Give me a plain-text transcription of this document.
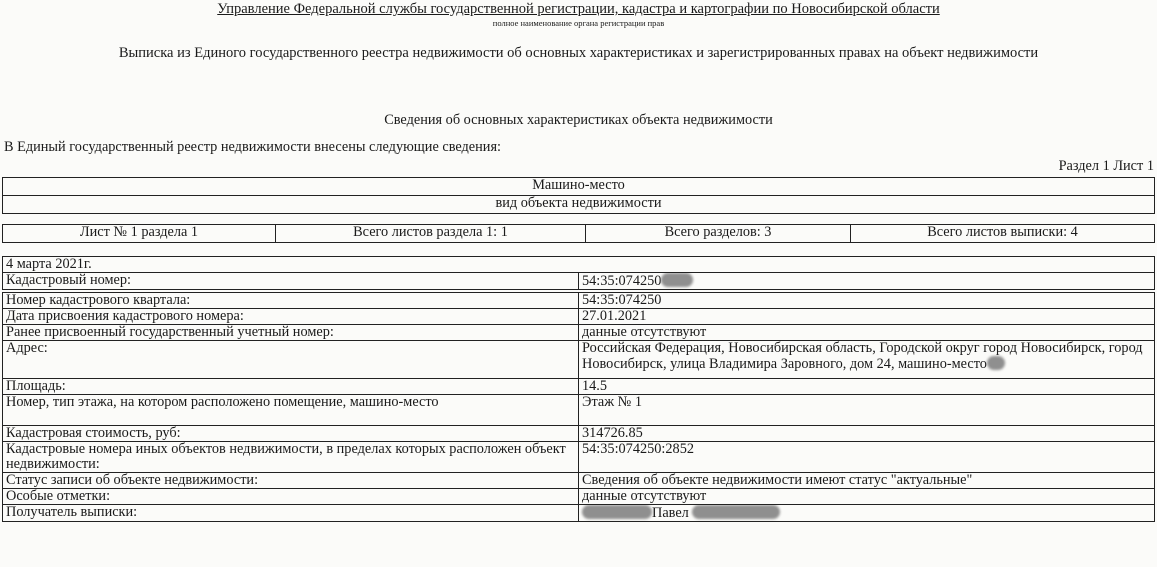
Управление Федеральной службы государственной регистрации, кадастра и картографии по Новосибирской области
полное наименование органа регистрации прав
Выписка из Единого государственного реестра недвижимости об основных характеристиках и зарегистрированных правах на объект недвижимости
Сведения об основных характеристиках объекта недвижимости
В Единый государственный реестр недвижимости внесены следующие сведения:
Раздел 1 Лист 1
Машино-место
вид объекта недвижимости
Лист № 1 раздела 1	Всего листов раздела 1: 1	Всего разделов: 3	Всего листов выписки: 4
4 марта 2021г.	
Кадастровый номер:	54:35:074250

Номер кадастрового квартала:	54:35:074250
Дата присвоения кадастрового номера:	27.01.2021
Ранее присвоенный государственный учетный номер:	данные отсутствуют
Адрес:	Российская Федерация, Новосибирская область, Городской округ город Новосибирск, город Новосибирск, улица Владимира Заровного, дом 24, машино-место
Площадь:	14.5
Номер, тип этажа, на котором расположено помещение, машино-место	Этаж № 1
Кадастровая стоимость, руб:	314726.85
Кадастровые номера иных объектов недвижимости, в пределах которых расположен объект недвижимости:	54:35:074250:2852
Статус записи об объекте недвижимости:	Сведения об объекте недвижимости имеют статус "актуальные"
Особые отметки:	данные отсутствуют
Получатель выписки:	Павел
